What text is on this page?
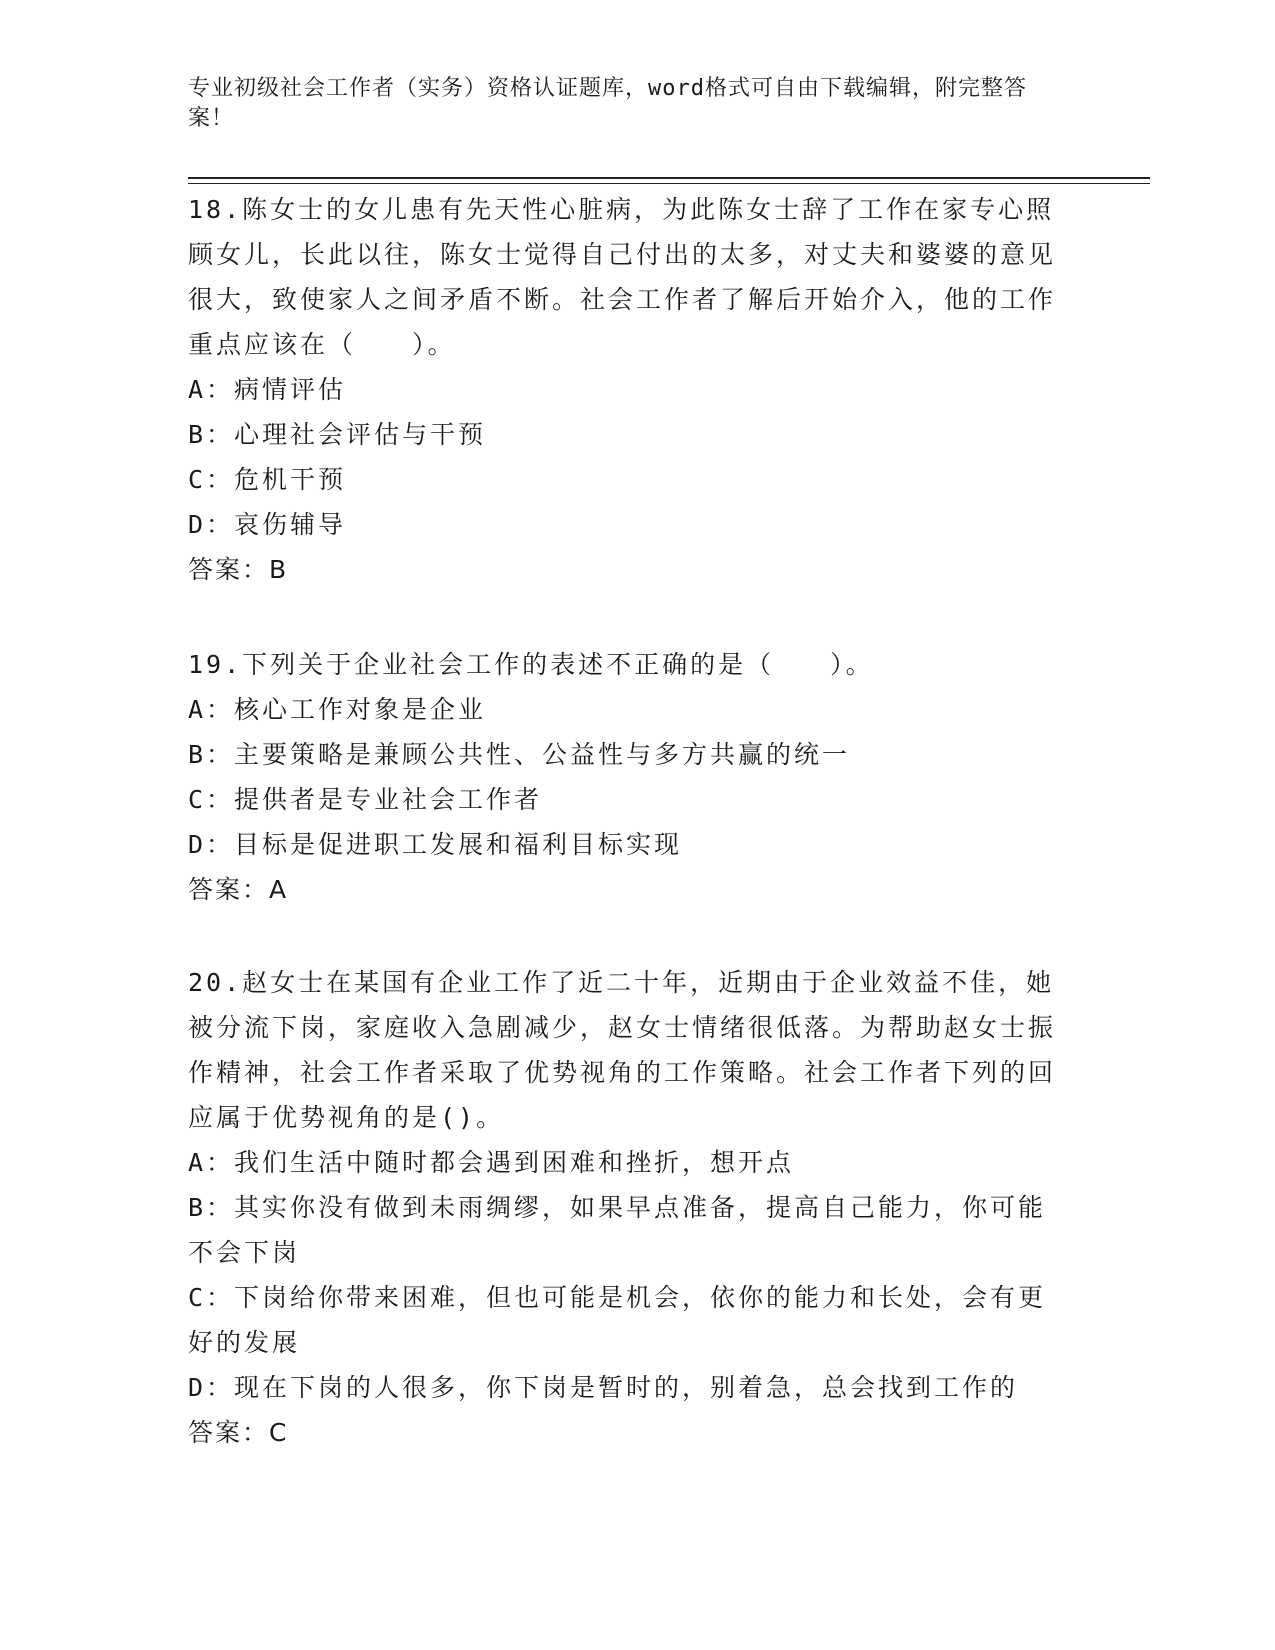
专业初级社会工作者（实务）资格认证题库，word格式可自由下载编辑，附完整答案！

18.陈女士的女儿患有先天性心脏病，为此陈女士辞了工作在家专心照顾女儿，长此以往，陈女士觉得自己付出的太多，对丈夫和婆婆的意见很大，致使家人之间矛盾不断。社会工作者了解后开始介入，他的工作重点应该在（　　）。

A：病情评估

B：心理社会评估与干预

C：危机干预

D：哀伤辅导

答案：B

19.下列关于企业社会工作的表述不正确的是（　　）。

A：核心工作对象是企业

B：主要策略是兼顾公共性、公益性与多方共赢的统一

C：提供者是专业社会工作者

D：目标是促进职工发展和福利目标实现

答案：A

20.赵女士在某国有企业工作了近二十年，近期由于企业效益不佳，她被分流下岗，家庭收入急剧减少，赵女士情绪很低落。为帮助赵女士振作精神，社会工作者采取了优势视角的工作策略。社会工作者下列的回应属于优势视角的是()。

A：我们生活中随时都会遇到困难和挫折，想开点

B：其实你没有做到未雨绸缪，如果早点准备，提高自己能力，你可能不会下岗

C：下岗给你带来困难，但也可能是机会，依你的能力和长处，会有更好的发展

D：现在下岗的人很多，你下岗是暂时的，别着急，总会找到工作的

答案：C
